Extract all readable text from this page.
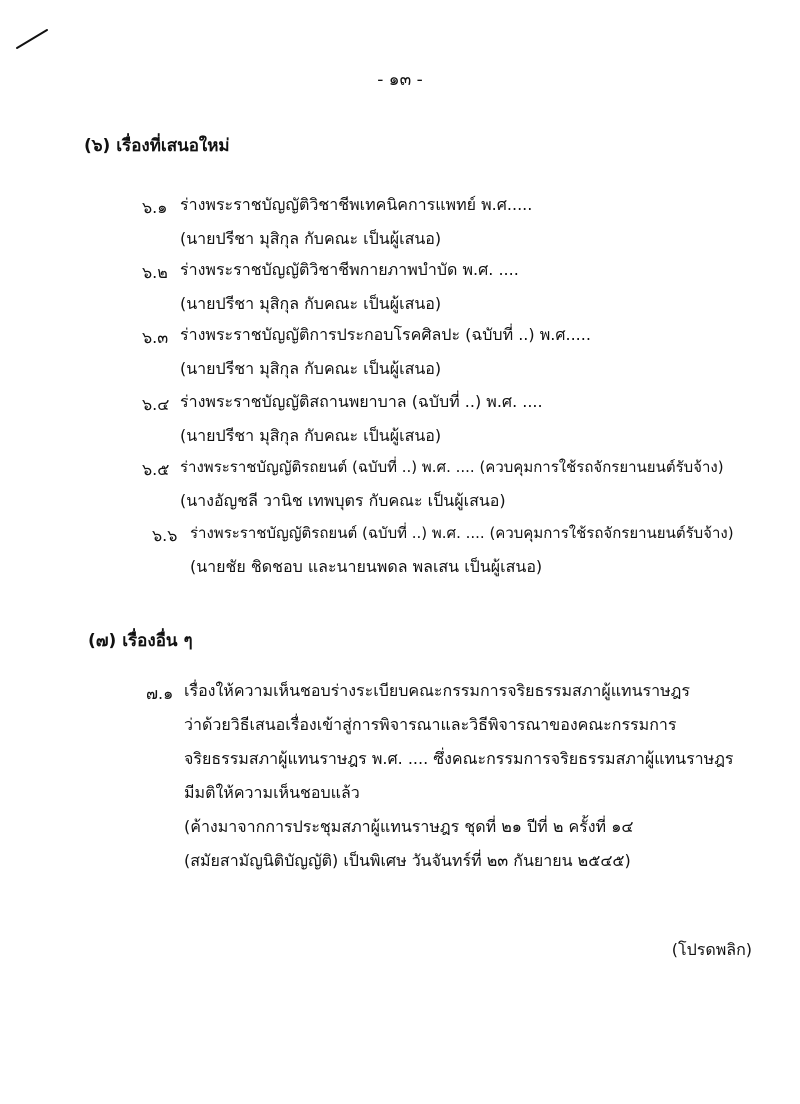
- ๑๓ -
(๖) เรื่องที่เสนอใหม่
๖.๑ ร่างพระราชบัญญัติวิชาชีพเทคนิคการแพทย์ พ.ศ.....
(นายปรีชา มุสิกุล กับคณะ เป็นผู้เสนอ)
๖.๒ ร่างพระราชบัญญัติวิชาชีพกายภาพบำบัด พ.ศ. ....
(นายปรีชา มุสิกุล กับคณะ เป็นผู้เสนอ)
๖.๓ ร่างพระราชบัญญัติการประกอบโรคศิลปะ (ฉบับที่ ..) พ.ศ.....
(นายปรีชา มุสิกุล กับคณะ เป็นผู้เสนอ)
๖.๔ ร่างพระราชบัญญัติสถานพยาบาล (ฉบับที่ ..) พ.ศ. ....
(นายปรีชา มุสิกุล กับคณะ เป็นผู้เสนอ)
๖.๕ ร่างพระราชบัญญัติรถยนต์ (ฉบับที่ ..) พ.ศ. .... (ควบคุมการใช้รถจักรยานยนต์รับจ้าง)
(นางอัญชลี วานิช เทพบุตร กับคณะ เป็นผู้เสนอ)
๖.๖ ร่างพระราชบัญญัติรถยนต์ (ฉบับที่ ..) พ.ศ. .... (ควบคุมการใช้รถจักรยานยนต์รับจ้าง)
(นายชัย ชิดชอบ และนายนพดล พลเสน เป็นผู้เสนอ)
(๗) เรื่องอื่น ๆ
๗.๑ เรื่องให้ความเห็นชอบร่างระเบียบคณะกรรมการจริยธรรมสภาผู้แทนราษฎร
ว่าด้วยวิธีเสนอเรื่องเข้าสู่การพิจารณาและวิธีพิจารณาของคณะกรรมการ
จริยธรรมสภาผู้แทนราษฎร พ.ศ. .... ซึ่งคณะกรรมการจริยธรรมสภาผู้แทนราษฎร
มีมติให้ความเห็นชอบแล้ว
(ค้างมาจากการประชุมสภาผู้แทนราษฎร ชุดที่ ๒๑ ปีที่ ๒ ครั้งที่ ๑๔
(สมัยสามัญนิติบัญญัติ) เป็นพิเศษ วันจันทร์ที่ ๒๓ กันยายน ๒๕๔๕)
(โปรดพลิก)
